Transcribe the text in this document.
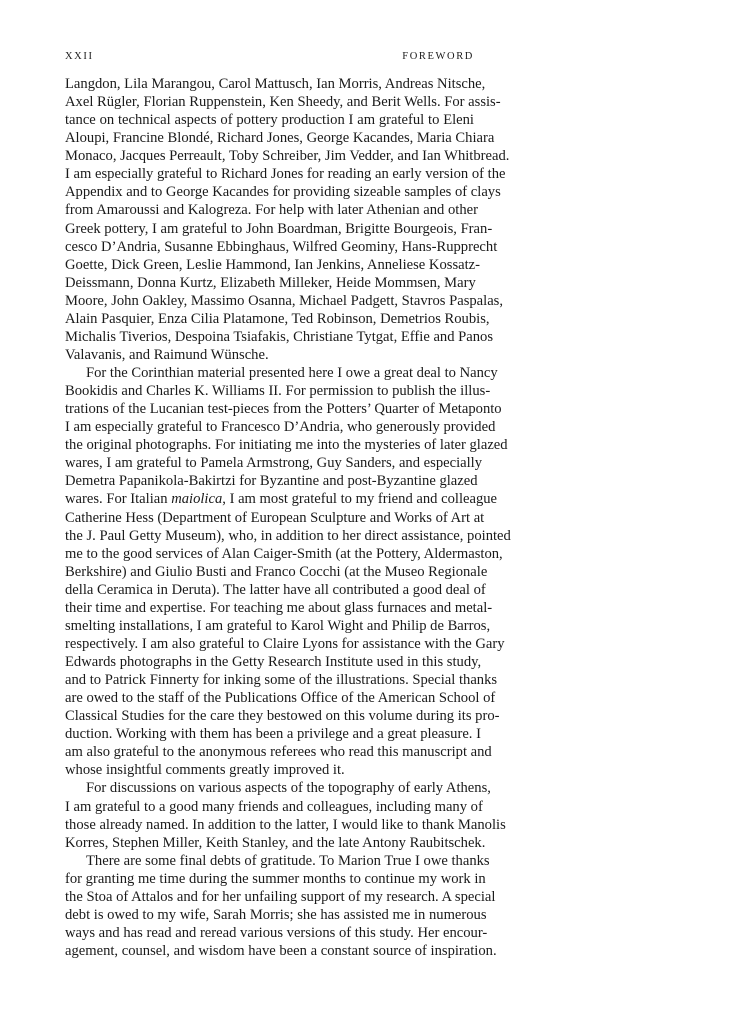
XXII	FOREWORD

Langdon, Lila Marangou, Carol Mattusch, Ian Morris, Andreas Nitsche,
Axel Rügler, Florian Ruppenstein, Ken Sheedy, and Berit Wells. For assis-
tance on technical aspects of pottery production I am grateful to Eleni
Aloupi, Francine Blondé, Richard Jones, George Kacandes, Maria Chiara
Monaco, Jacques Perreault, Toby Schreiber, Jim Vedder, and Ian Whitbread.
I am especially grateful to Richard Jones for reading an early version of the
Appendix and to George Kacandes for providing sizeable samples of clays
from Amaroussi and Kalogreza. For help with later Athenian and other
Greek pottery, I am grateful to John Boardman, Brigitte Bourgeois, Fran-
cesco D’Andria, Susanne Ebbinghaus, Wilfred Geominy, Hans-Rupprecht
Goette, Dick Green, Leslie Hammond, Ian Jenkins, Anneliese Kossatz-
Deissmann, Donna Kurtz, Elizabeth Milleker, Heide Mommsen, Mary
Moore, John Oakley, Massimo Osanna, Michael Padgett, Stavros Paspalas,
Alain Pasquier, Enza Cilia Platamone, Ted Robinson, Demetrios Roubis,
Michalis Tiverios, Despoina Tsiafakis, Christiane Tytgat, Effie and Panos
Valavanis, and Raimund Wünsche.

For the Corinthian material presented here I owe a great deal to Nancy
Bookidis and Charles K. Williams II. For permission to publish the illus-
trations of the Lucanian test-pieces from the Potters’ Quarter of Metaponto
I am especially grateful to Francesco D’Andria, who generously provided
the original photographs. For initiating me into the mysteries of later glazed
wares, I am grateful to Pamela Armstrong, Guy Sanders, and especially
Demetra Papanikola-Bakirtzi for Byzantine and post-Byzantine glazed
wares. For Italian maiolica, I am most grateful to my friend and colleague
Catherine Hess (Department of European Sculpture and Works of Art at
the J. Paul Getty Museum), who, in addition to her direct assistance, pointed
me to the good services of Alan Caiger-Smith (at the Pottery, Aldermaston,
Berkshire) and Giulio Busti and Franco Cocchi (at the Museo Regionale
della Ceramica in Deruta). The latter have all contributed a good deal of
their time and expertise. For teaching me about glass furnaces and metal-
smelting installations, I am grateful to Karol Wight and Philip de Barros,
respectively. I am also grateful to Claire Lyons for assistance with the Gary
Edwards photographs in the Getty Research Institute used in this study,
and to Patrick Finnerty for inking some of the illustrations. Special thanks
are owed to the staff of the Publications Office of the American School of
Classical Studies for the care they bestowed on this volume during its pro-
duction. Working with them has been a privilege and a great pleasure. I
am also grateful to the anonymous referees who read this manuscript and
whose insightful comments greatly improved it.

For discussions on various aspects of the topography of early Athens,
I am grateful to a good many friends and colleagues, including many of
those already named. In addition to the latter, I would like to thank Manolis
Korres, Stephen Miller, Keith Stanley, and the late Antony Raubitschek.

There are some final debts of gratitude. To Marion True I owe thanks
for granting me time during the summer months to continue my work in
the Stoa of Attalos and for her unfailing support of my research. A special
debt is owed to my wife, Sarah Morris; she has assisted me in numerous
ways and has read and reread various versions of this study. Her encour-
agement, counsel, and wisdom have been a constant source of inspiration.
